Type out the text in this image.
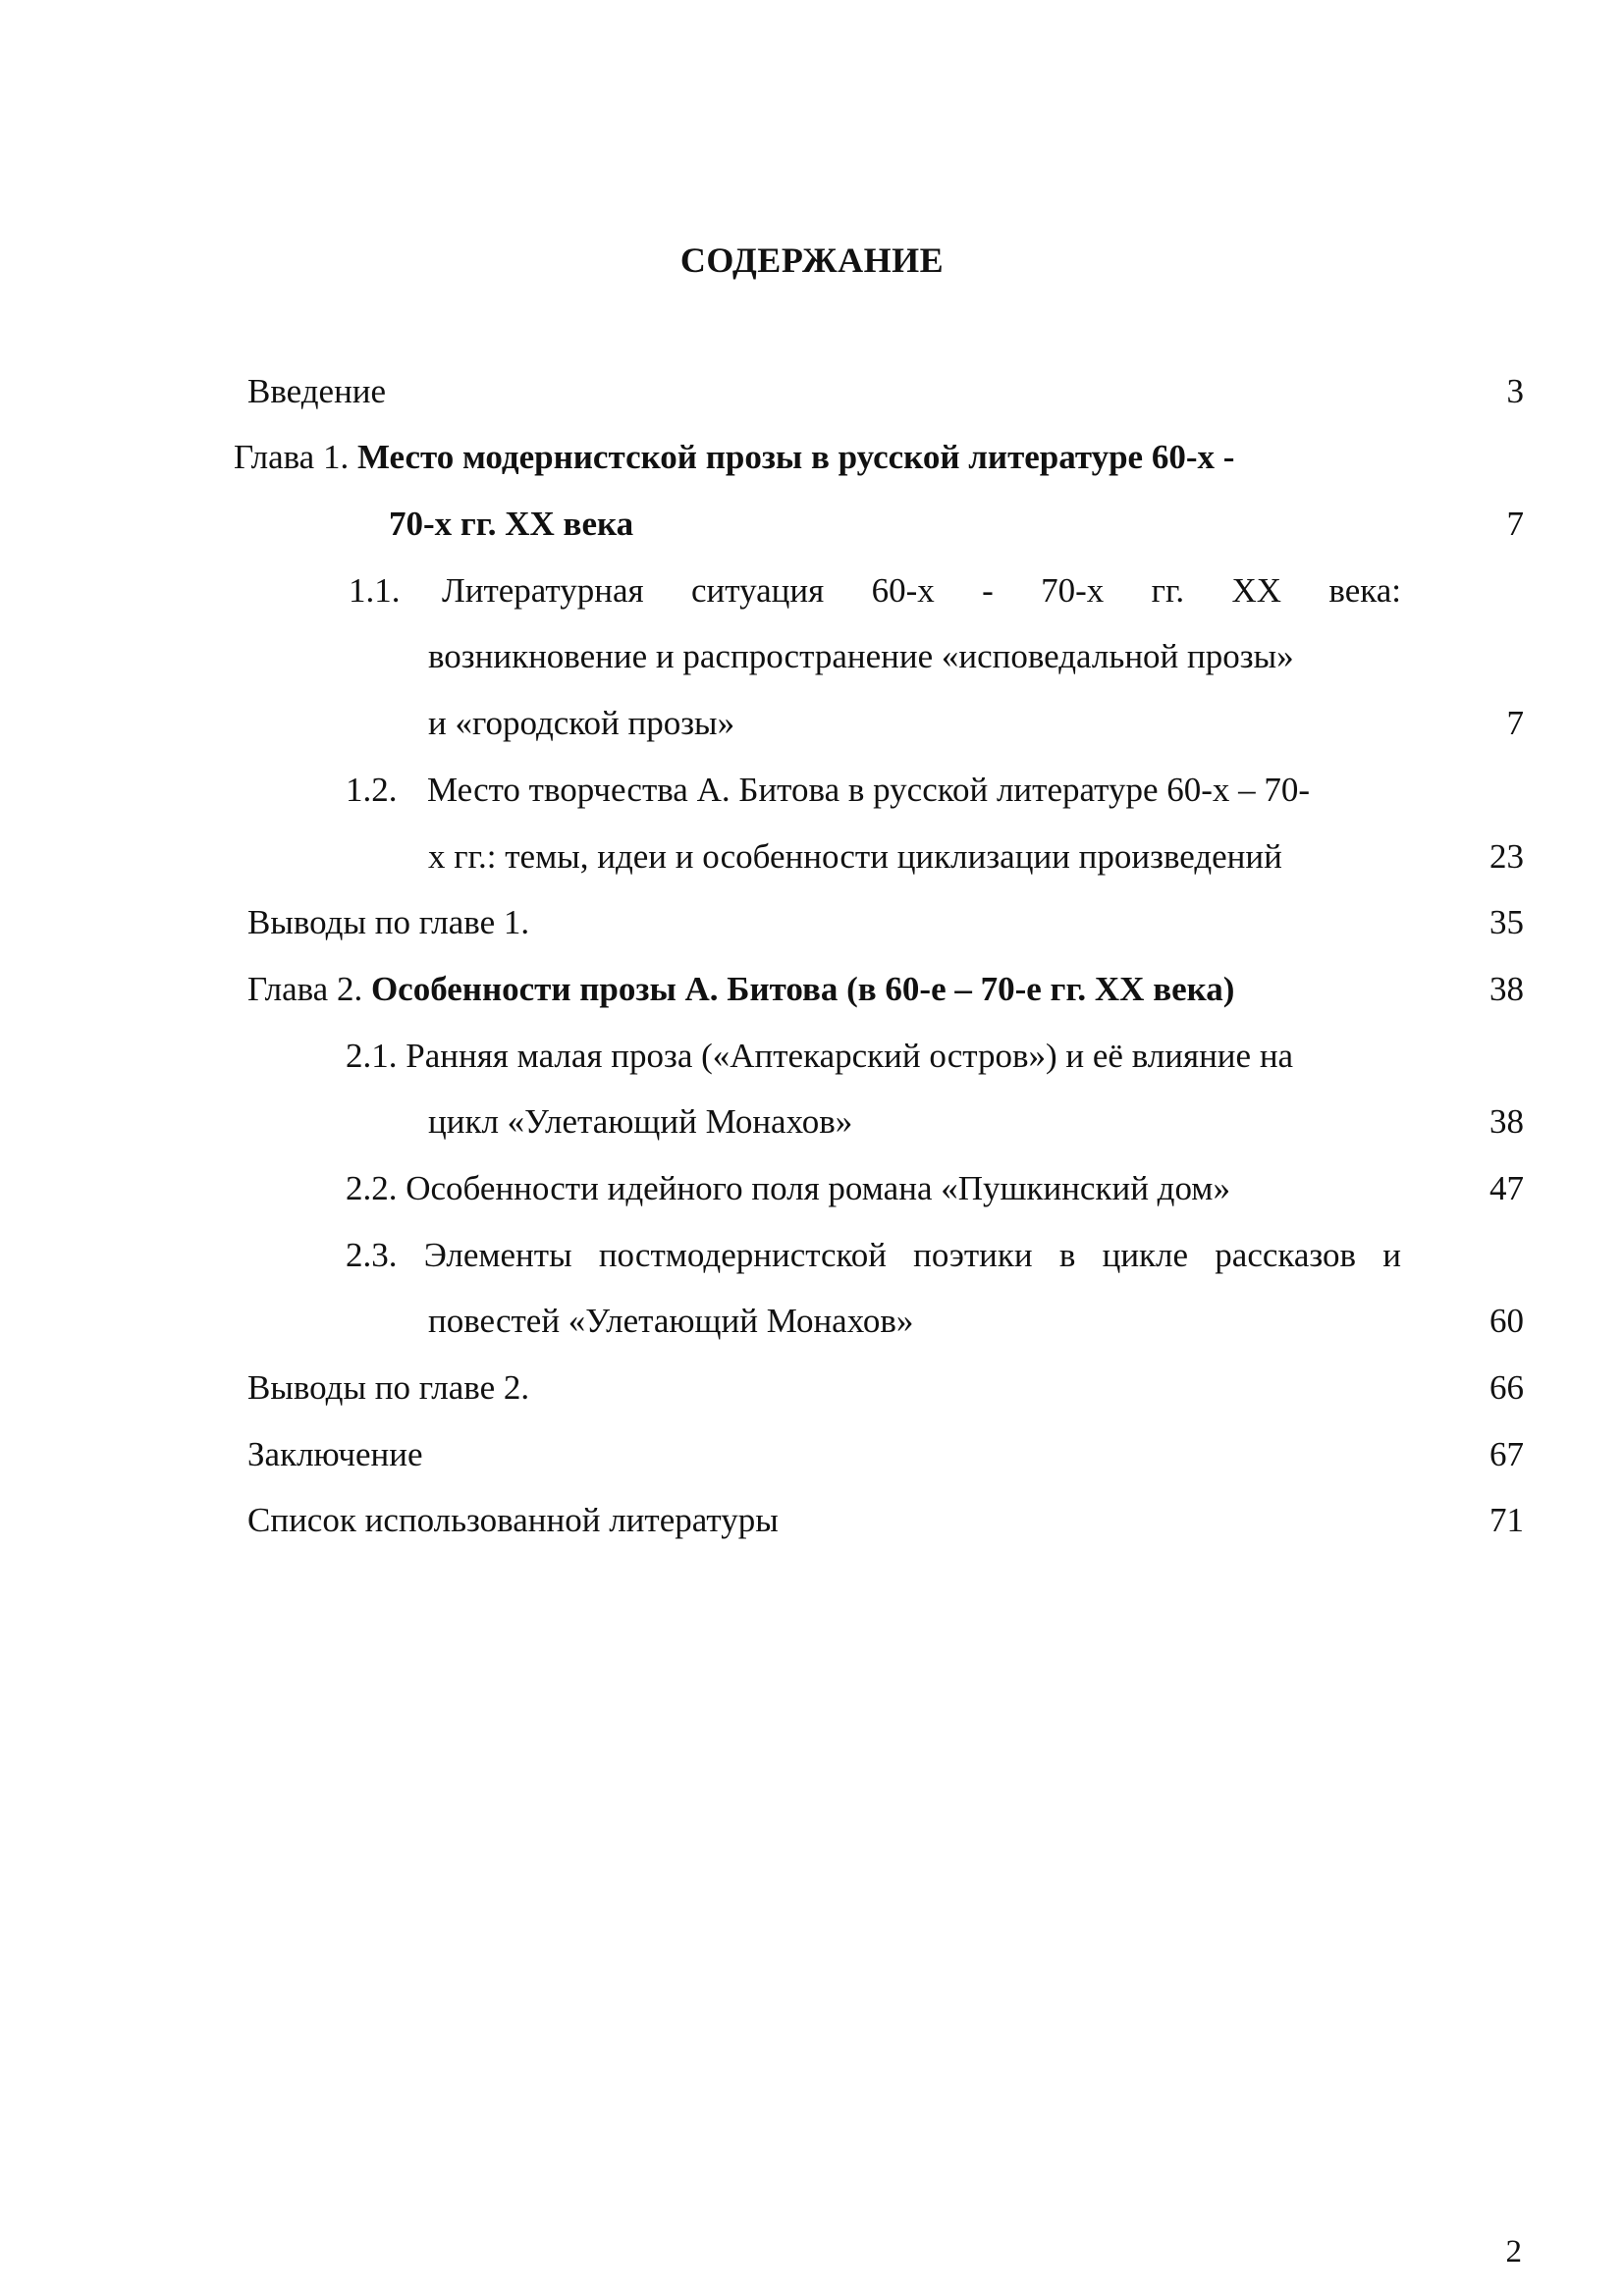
СОДЕРЖАНИЕ
Введение	3
Глава 1. Место модернистской прозы в русской литературе 60-х -
70-х гг. XX века	7
1.1. Литературная ситуация 60-х - 70-х гг. XX века:
возникновение и распространение «исповедальной прозы»
и «городской прозы»	7
1.2. Место творчества А. Битова в русской литературе 60-х – 70-
х гг.: темы, идеи и особенности циклизации произведений	23
Выводы по главе 1.	35
Глава 2. Особенности прозы А. Битова (в 60-е – 70-е гг. XX века)	38
2.1. Ранняя малая проза («Аптекарский остров») и её влияние на
цикл «Улетающий Монахов»	38
2.2. Особенности идейного поля романа «Пушкинский дом»	47
2.3. Элементы постмодернистской поэтики в цикле рассказов и
повестей «Улетающий Монахов»	60
Выводы по главе 2.	66
Заключение	67
Список использованной литературы	71
2
